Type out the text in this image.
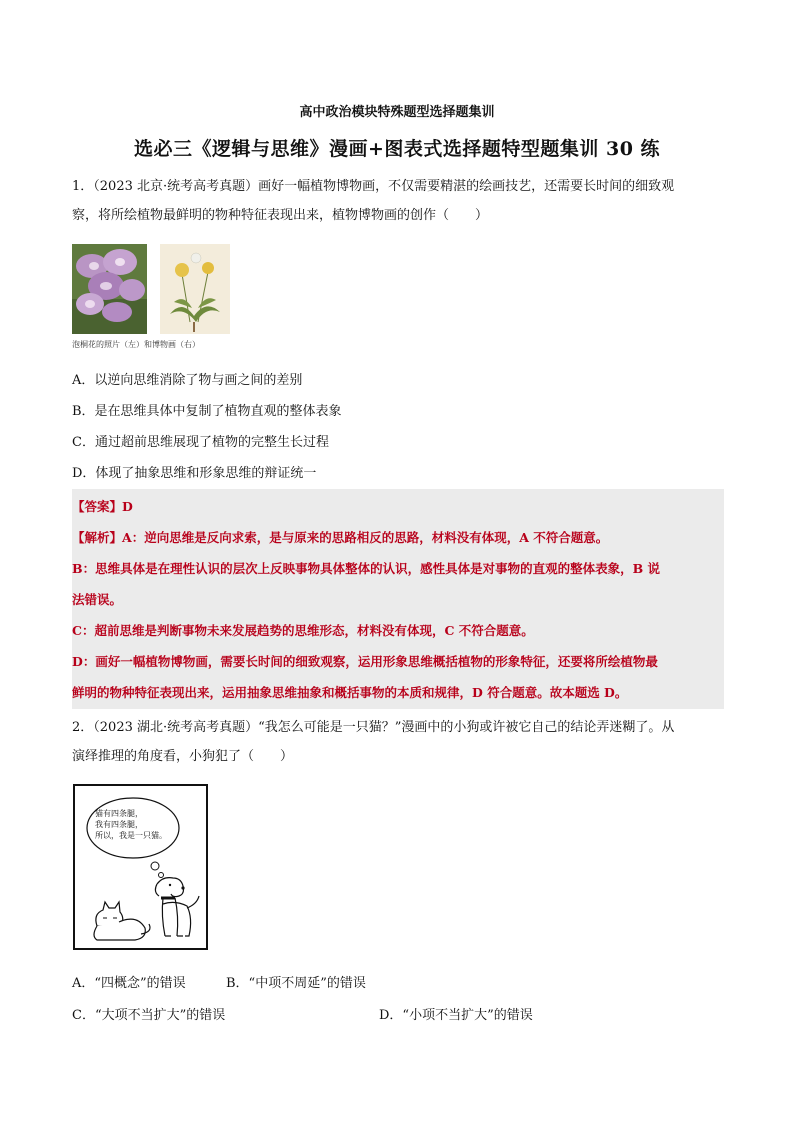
高中政治模块特殊题型选择题集训
选必三《逻辑与思维》漫画+图表式选择题特型题集训 30 练
1．（2023 北京·统考高考真题）画好一幅植物博物画，不仅需要精湛的绘画技艺，还需要长时间的细致观
察，将所绘植物最鲜明的物种特征表现出来，植物博物画的创作（　　）
泡桐花的照片（左）和博物画（右）
A．以逆向思维消除了物与画之间的差别
B．是在思维具体中复制了植物直观的整体表象
C．通过超前思维展现了植物的完整生长过程
D．体现了抽象思维和形象思维的辩证统一
【答案】D
【解析】A：逆向思维是反向求索，是与原来的思路相反的思路，材料没有体现，A 不符合题意。
B：思维具体是在理性认识的层次上反映事物具体整体的认识，感性具体是对事物的直观的整体表象，B 说
法错误。
C：超前思维是判断事物未来发展趋势的思维形态，材料没有体现，C 不符合题意。
D：画好一幅植物博物画，需要长时间的细致观察，运用形象思维概括植物的形象特征，还要将所绘植物最
鲜明的物种特征表现出来，运用抽象思维抽象和概括事物的本质和规律，D 符合题意。故本题选 D。
2．（2023 湖北·统考高考真题）“我怎么可能是一只猫？”漫画中的小狗或许被它自己的结论弄迷糊了。从
演绎推理的角度看，小狗犯了（　　）
猫有四条腿，
我有四条腿，
所以，我是一只猫。
A．“四概念”的错误	B．“中项不周延”的错误
C．“大项不当扩大”的错误	D．“小项不当扩大”的错误
